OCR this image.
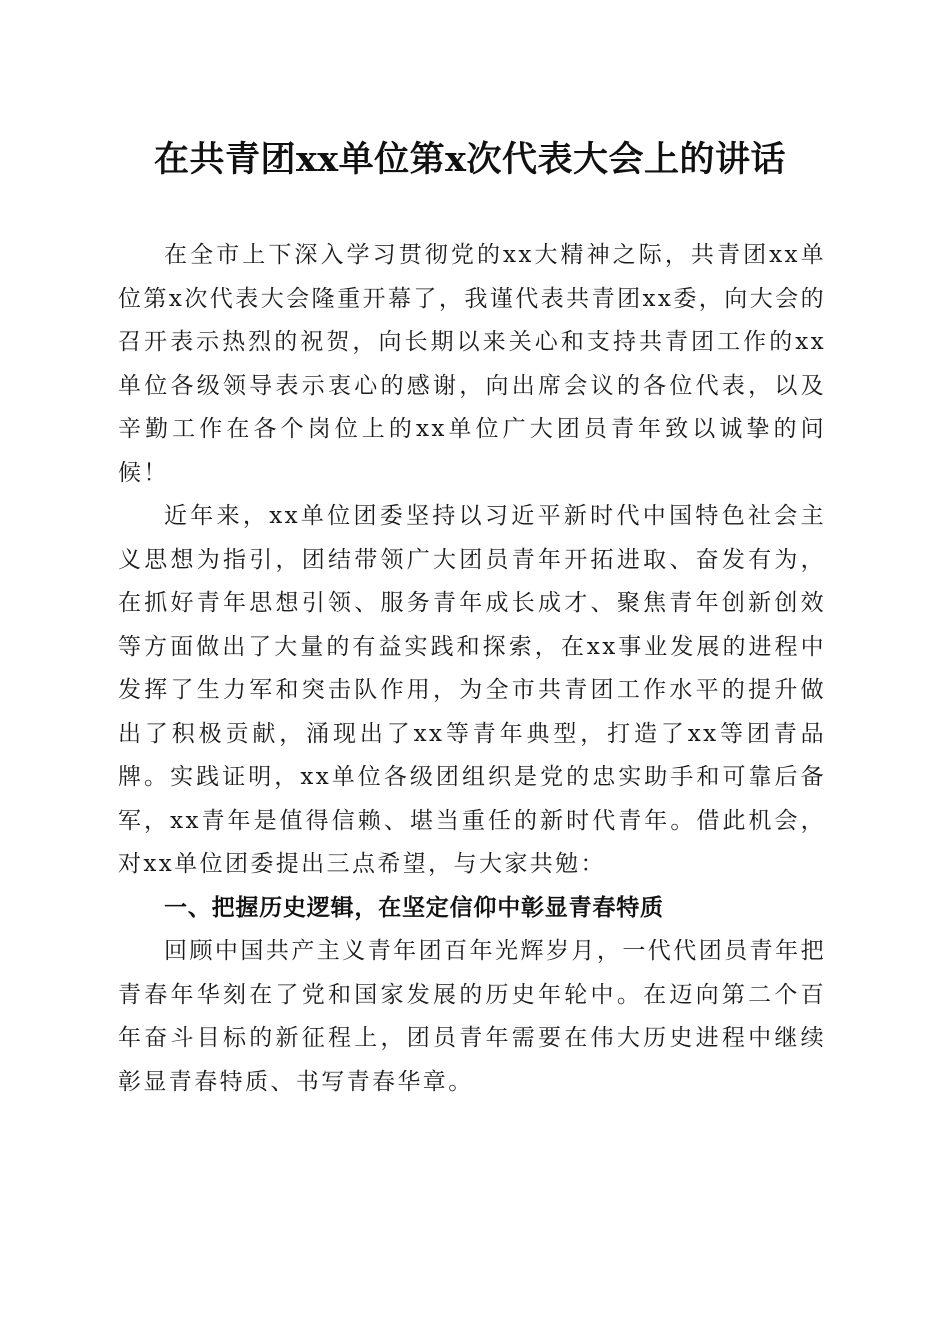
在共青团xx单位第x次代表大会上的讲话

在全市上下深入学习贯彻党的xx大精神之际，共青团xx单位第x次代表大会隆重开幕了，我谨代表共青团xx委，向大会的召开表示热烈的祝贺，向长期以来关心和支持共青团工作的xx单位各级领导表示衷心的感谢，向出席会议的各位代表，以及辛勤工作在各个岗位上的xx单位广大团员青年致以诚挚的问候！

近年来，xx单位团委坚持以习近平新时代中国特色社会主义思想为指引，团结带领广大团员青年开拓进取、奋发有为，在抓好青年思想引领、服务青年成长成才、聚焦青年创新创效等方面做出了大量的有益实践和探索，在xx事业发展的进程中发挥了生力军和突击队作用，为全市共青团工作水平的提升做出了积极贡献，涌现出了xx等青年典型，打造了xx等团青品牌。实践证明，xx单位各级团组织是党的忠实助手和可靠后备军，xx青年是值得信赖、堪当重任的新时代青年。借此机会，对xx单位团委提出三点希望，与大家共勉：

一、把握历史逻辑，在坚定信仰中彰显青春特质

回顾中国共产主义青年团百年光辉岁月，一代代团员青年把青春年华刻在了党和国家发展的历史年轮中。在迈向第二个百年奋斗目标的新征程上，团员青年需要在伟大历史进程中继续彰显青春特质、书写青春华章。
